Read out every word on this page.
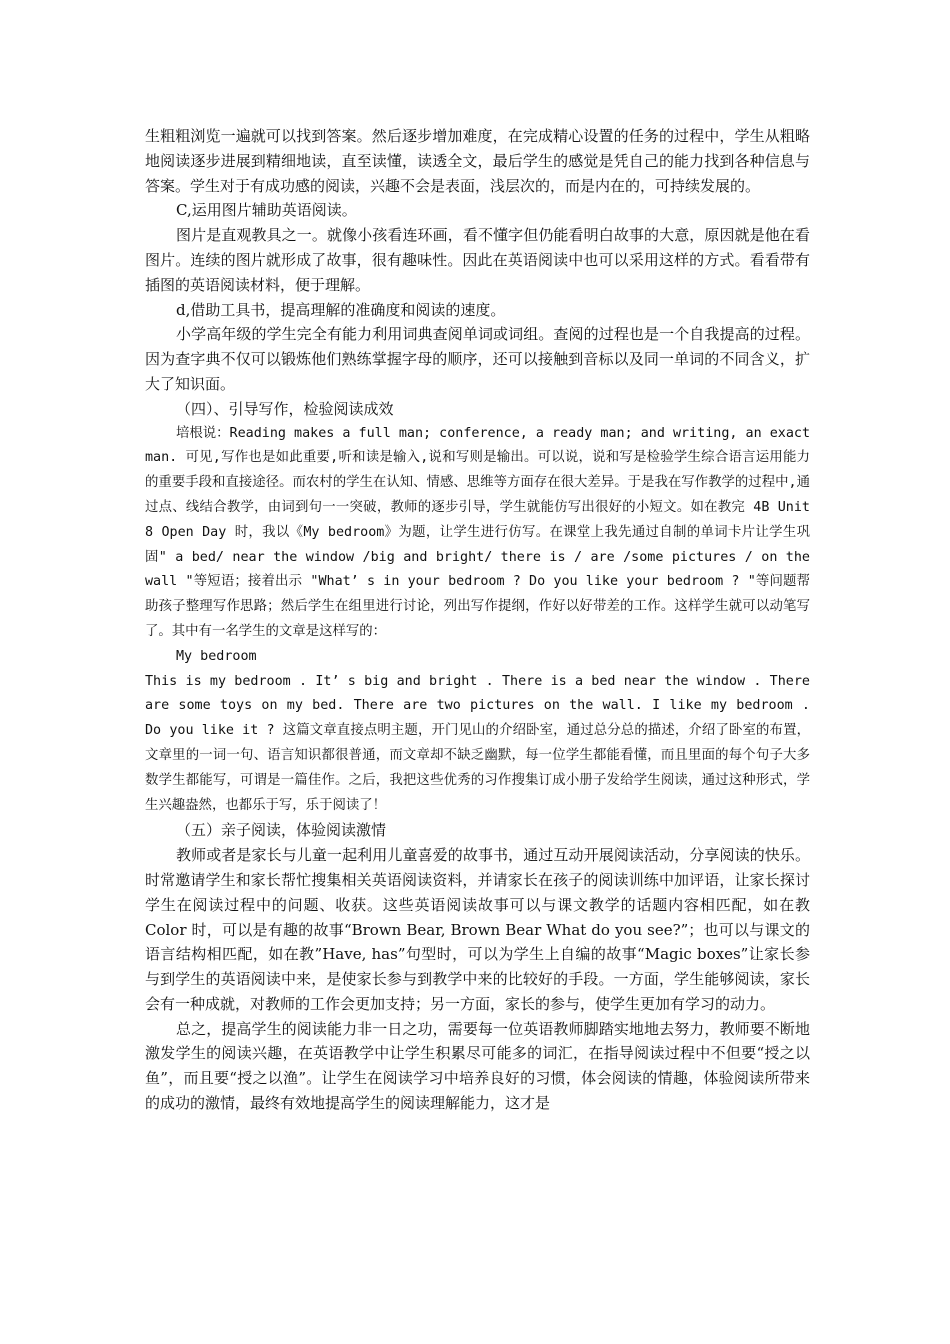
生粗粗浏览一遍就可以找到答案。然后逐步增加难度，在完成精心设置的任务的过程中，学生从粗略地阅读逐步进展到精细地读，直至读懂，读透全文，最后学生的感觉是凭自己的能力找到各种信息与答案。学生对于有成功感的阅读，兴趣不会是表面，浅层次的，而是内在的，可持续发展的。

C,运用图片辅助英语阅读。

图片是直观教具之一。就像小孩看连环画，看不懂字但仍能看明白故事的大意，原因就是他在看图片。连续的图片就形成了故事，很有趣味性。因此在英语阅读中也可以采用这样的方式。看看带有插图的英语阅读材料，便于理解。

d,借助工具书，提高理解的准确度和阅读的速度。

小学高年级的学生完全有能力利用词典查阅单词或词组。查阅的过程也是一个自我提高的过程。因为查字典不仅可以锻炼他们熟练掌握字母的顺序，还可以接触到音标以及同一单词的不同含义，扩大了知识面。

（四）、引导写作，检验阅读成效

培根说：Reading makes a full man; conference, a ready man; and writing, an exact man. 可见,写作也是如此重要,听和读是输入,说和写则是输出。可以说，说和写是检验学生综合语言运用能力的重要手段和直接途径。而农村的学生在认知、情感、思维等方面存在很大差异。于是我在写作教学的过程中,通过点、线结合教学，由词到句一一突破，教师的逐步引导，学生就能仿写出很好的小短文。如在教完 4B Unit 8 Open Day 时，我以《My bedroom》为题，让学生进行仿写。在课堂上我先通过自制的单词卡片让学生巩固" a bed/ near the window /big and bright/ there is / are /some pictures / on the wall "等短语；接着出示 "What’ s in your bedroom ? Do you like your bedroom ? "等问题帮助孩子整理写作思路；然后学生在组里进行讨论，列出写作提纲，作好以好带差的工作。这样学生就可以动笔写了。其中有一名学生的文章是这样写的：

My bedroom

This is my bedroom . It’ s big and bright . There is a bed near the window . There are some toys on my bed. There are two pictures on the wall. I like my bedroom . Do you like it ? 这篇文章直接点明主题，开门见山的介绍卧室，通过总分总的描述，介绍了卧室的布置，文章里的一词一句、语言知识都很普通，而文章却不缺乏幽默，每一位学生都能看懂，而且里面的每个句子大多数学生都能写，可谓是一篇佳作。之后，我把这些优秀的习作搜集订成小册子发给学生阅读，通过这种形式，学生兴趣盎然，也都乐于写，乐于阅读了！

（五）亲子阅读，体验阅读激情

教师或者是家长与儿童一起利用儿童喜爱的故事书，通过互动开展阅读活动，分享阅读的快乐。时常邀请学生和家长帮忙搜集相关英语阅读资料，并请家长在孩子的阅读训练中加评语，让家长探讨学生在阅读过程中的问题、收获。这些英语阅读故事可以与课文教学的话题内容相匹配，如在教 Color 时，可以是有趣的故事“Brown Bear, Brown Bear What do you see?”；也可以与课文的语言结构相匹配，如在教”Have, has”句型时，可以为学生上自编的故事“Magic boxes”让家长参与到学生的英语阅读中来，是使家长参与到教学中来的比较好的手段。一方面，学生能够阅读，家长会有一种成就，对教师的工作会更加支持；另一方面，家长的参与，使学生更加有学习的动力。

总之，提高学生的阅读能力非一日之功，需要每一位英语教师脚踏实地地去努力，教师要不断地激发学生的阅读兴趣，在英语教学中让学生积累尽可能多的词汇，在指导阅读过程中不但要“授之以鱼”，而且要“授之以渔”。让学生在阅读学习中培养良好的习惯，体会阅读的情趣，体验阅读所带来的成功的激情，最终有效地提高学生的阅读理解能力，这才是
